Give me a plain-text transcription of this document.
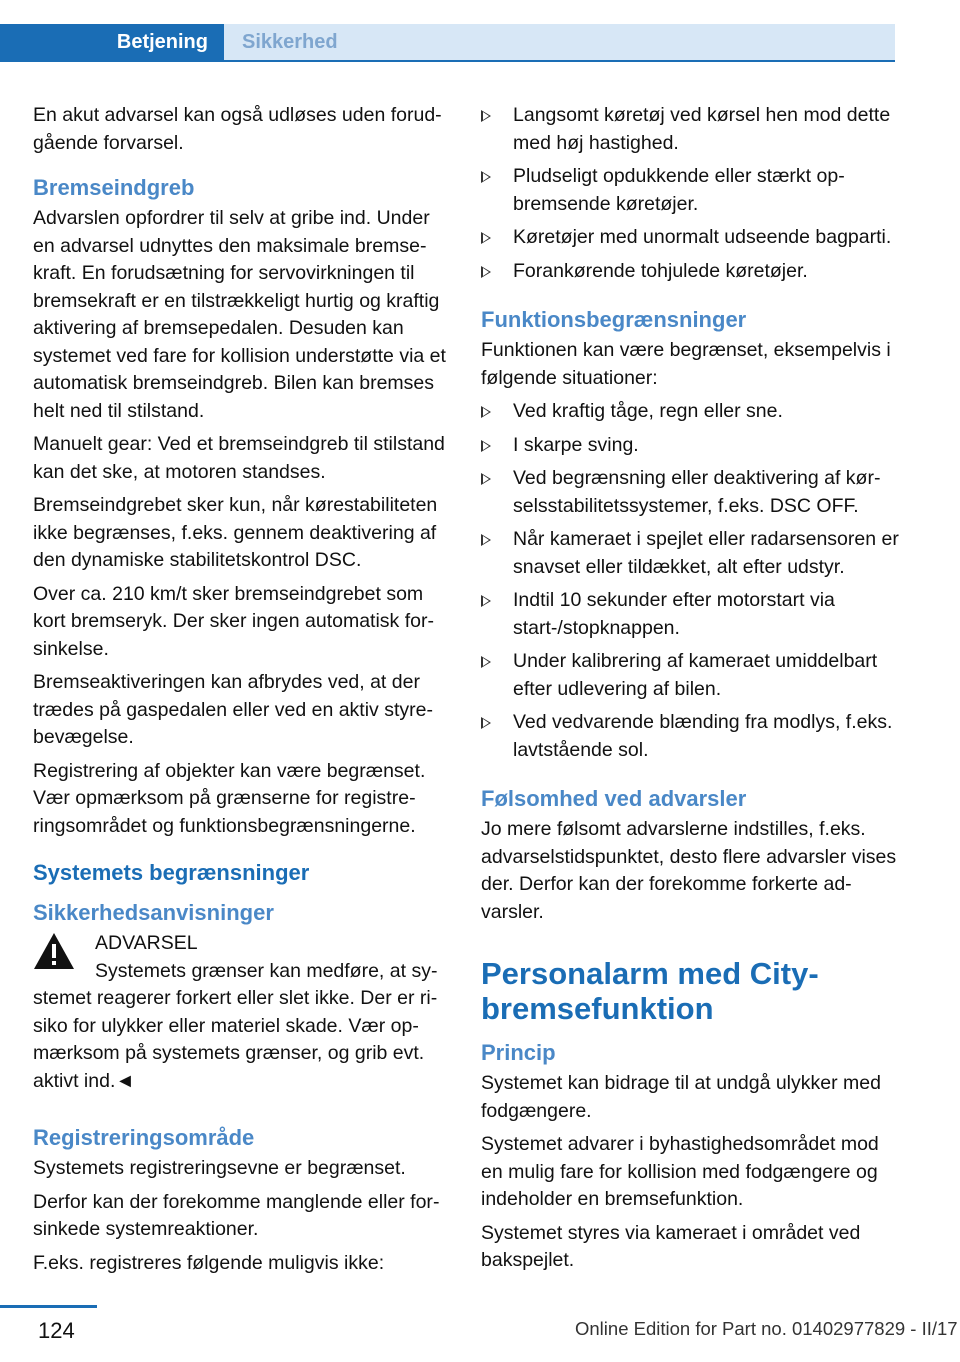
Betjening	Sikkerhed

En akut advarsel kan også udløses uden forudgående forvarsel.

Bremseindgreb

Advarslen opfordrer til selv at gribe ind. Under en advarsel udnyttes den maksimale bremsekraft. En forudsætning for servovirkningen til bremsekraft er en tilstrækkeligt hurtig og kraftig aktivering af bremsepedalen. Desuden kan systemet ved fare for kollision understøtte via et automatisk bremseindgreb. Bilen kan bremses helt ned til stilstand.

Manuelt gear: Ved et bremseindgreb til stilstand kan det ske, at motoren standses.

Bremseindgrebet sker kun, når kørestabiliteten ikke begrænses, f.eks. gennem deaktivering af den dynamiske stabilitetskontrol DSC.

Over ca. 210 km/t sker bremseindgrebet som kort bremseryk. Der sker ingen automatisk forsinkelse.

Bremseaktiveringen kan afbrydes ved, at der trædes på gaspedalen eller ved en aktiv styrebevægelse.

Registrering af objekter kan være begrænset. Vær opmærksom på grænserne for registreringsområdet og funktionsbegrænsningerne.

Systemets begrænsninger
Sikkerhedsanvisninger
ADVARSEL
Systemets grænser kan medføre, at systemet reagerer forkert eller slet ikke. Der er risiko for ulykker eller materiel skade. Vær opmærksom på systemets grænser, og grib evt. aktivt ind.◄
Registreringsområde

Systemets registreringsevne er begrænset.

Derfor kan der forekomme manglende eller forsinkede systemreaktioner.

F.eks. registreres følgende muligvis ikke:

Langsomt køretøj ved kørsel hen mod dette med høj hastighed.
Pludseligt opdukkende eller stærkt opbremsende køretøjer.
Køretøjer med unormalt udseende bagparti.
Forankørende tohjulede køretøjer.
Funktionsbegrænsninger

Funktionen kan være begrænset, eksempelvis i følgende situationer:

Ved kraftig tåge, regn eller sne.
I skarpe sving.
Ved begrænsning eller deaktivering af kørselsstabilitetssystemer, f.eks. DSC OFF.
Når kameraet i spejlet eller radarsensoren er snavset eller tildækket, alt efter udstyr.
Indtil 10 sekunder efter motorstart via start-/stopknappen.
Under kalibrering af kameraet umiddelbart efter udlevering af bilen.
Ved vedvarende blænding fra modlys, f.eks. lavtstående sol.
Følsomhed ved advarsler

Jo mere følsomt advarslerne indstilles, f.eks. advarselstidspunktet, desto flere advarsler vises der. Derfor kan der forekomme forkerte advarsler.

Personalarm med City-bremsefunktion
Princip

Systemet kan bidrage til at undgå ulykker med fodgængere.

Systemet advarer i byhastighedsområdet mod en mulig fare for kollision med fodgængere og indeholder en bremsefunktion.

Systemet styres via kameraet i området ved bakspejlet.

124	Online Edition for Part no. 01402977829 - II/17
